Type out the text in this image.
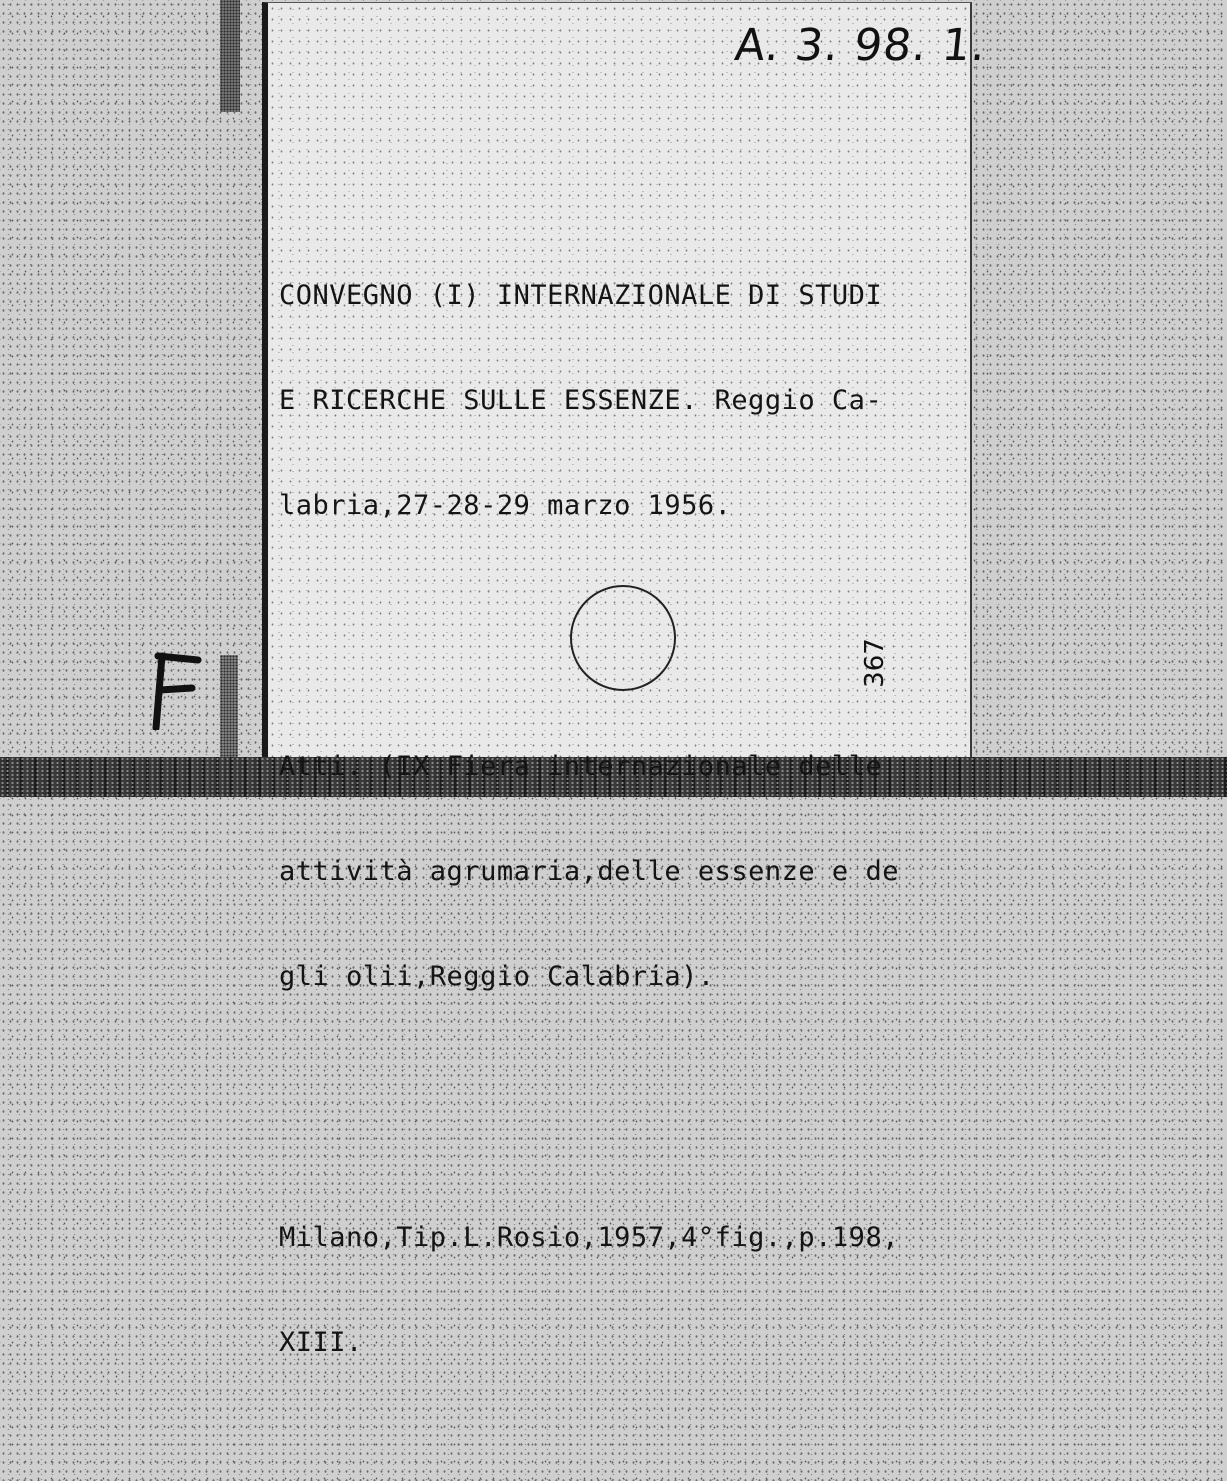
A. 3. 98. 1.

CONVEGNO (I) INTERNAZIONALE DI STUDI

E RICERCHE SULLE ESSENZE. Reggio Ca-

labria,27-28-29 marzo 1956.

Atti. (IX Fiera internazionale delle

attività agrumaria,delle essenze e de

gli olii,Reggio Calabria).

Milano,Tip.L.Rosio,1957,4°fig.,p.198,

XIII.

367
